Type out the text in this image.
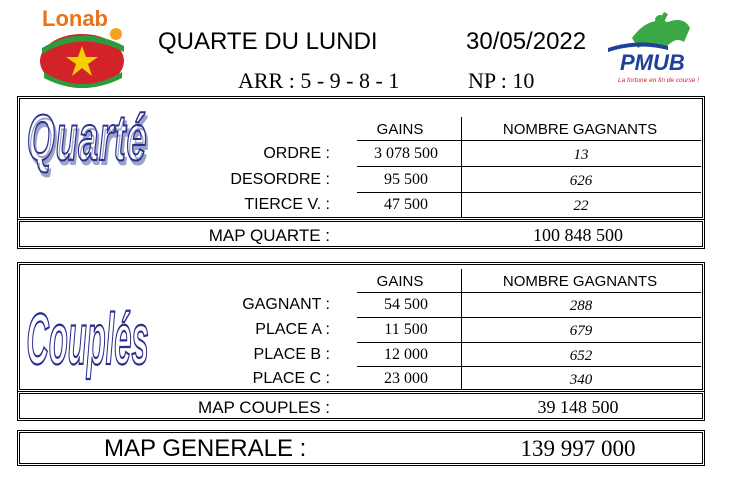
Lonab
PMUB
La fortune en fin de course !
QUARTE DU LUNDI	30/05/2022
ARR : 5 - 9 - 8 - 1	NP : 10
Quarté	GAINS	NOMBRE GAGNANTS
ORDRE :	3 078 500	13
DESORDRE :	95 500	626
TIERCE V. :	47 500	22
MAP QUARTE :	100 848 500
Couplés
GAINS	NOMBRE GAGNANTS
GAGNANT :	54 500	288
PLACE A :	11 500	679
PLACE B :	12 000	652
PLACE C :	23 000	340
MAP COUPLES :	39 148 500
MAP GENERALE :	139 997 000
